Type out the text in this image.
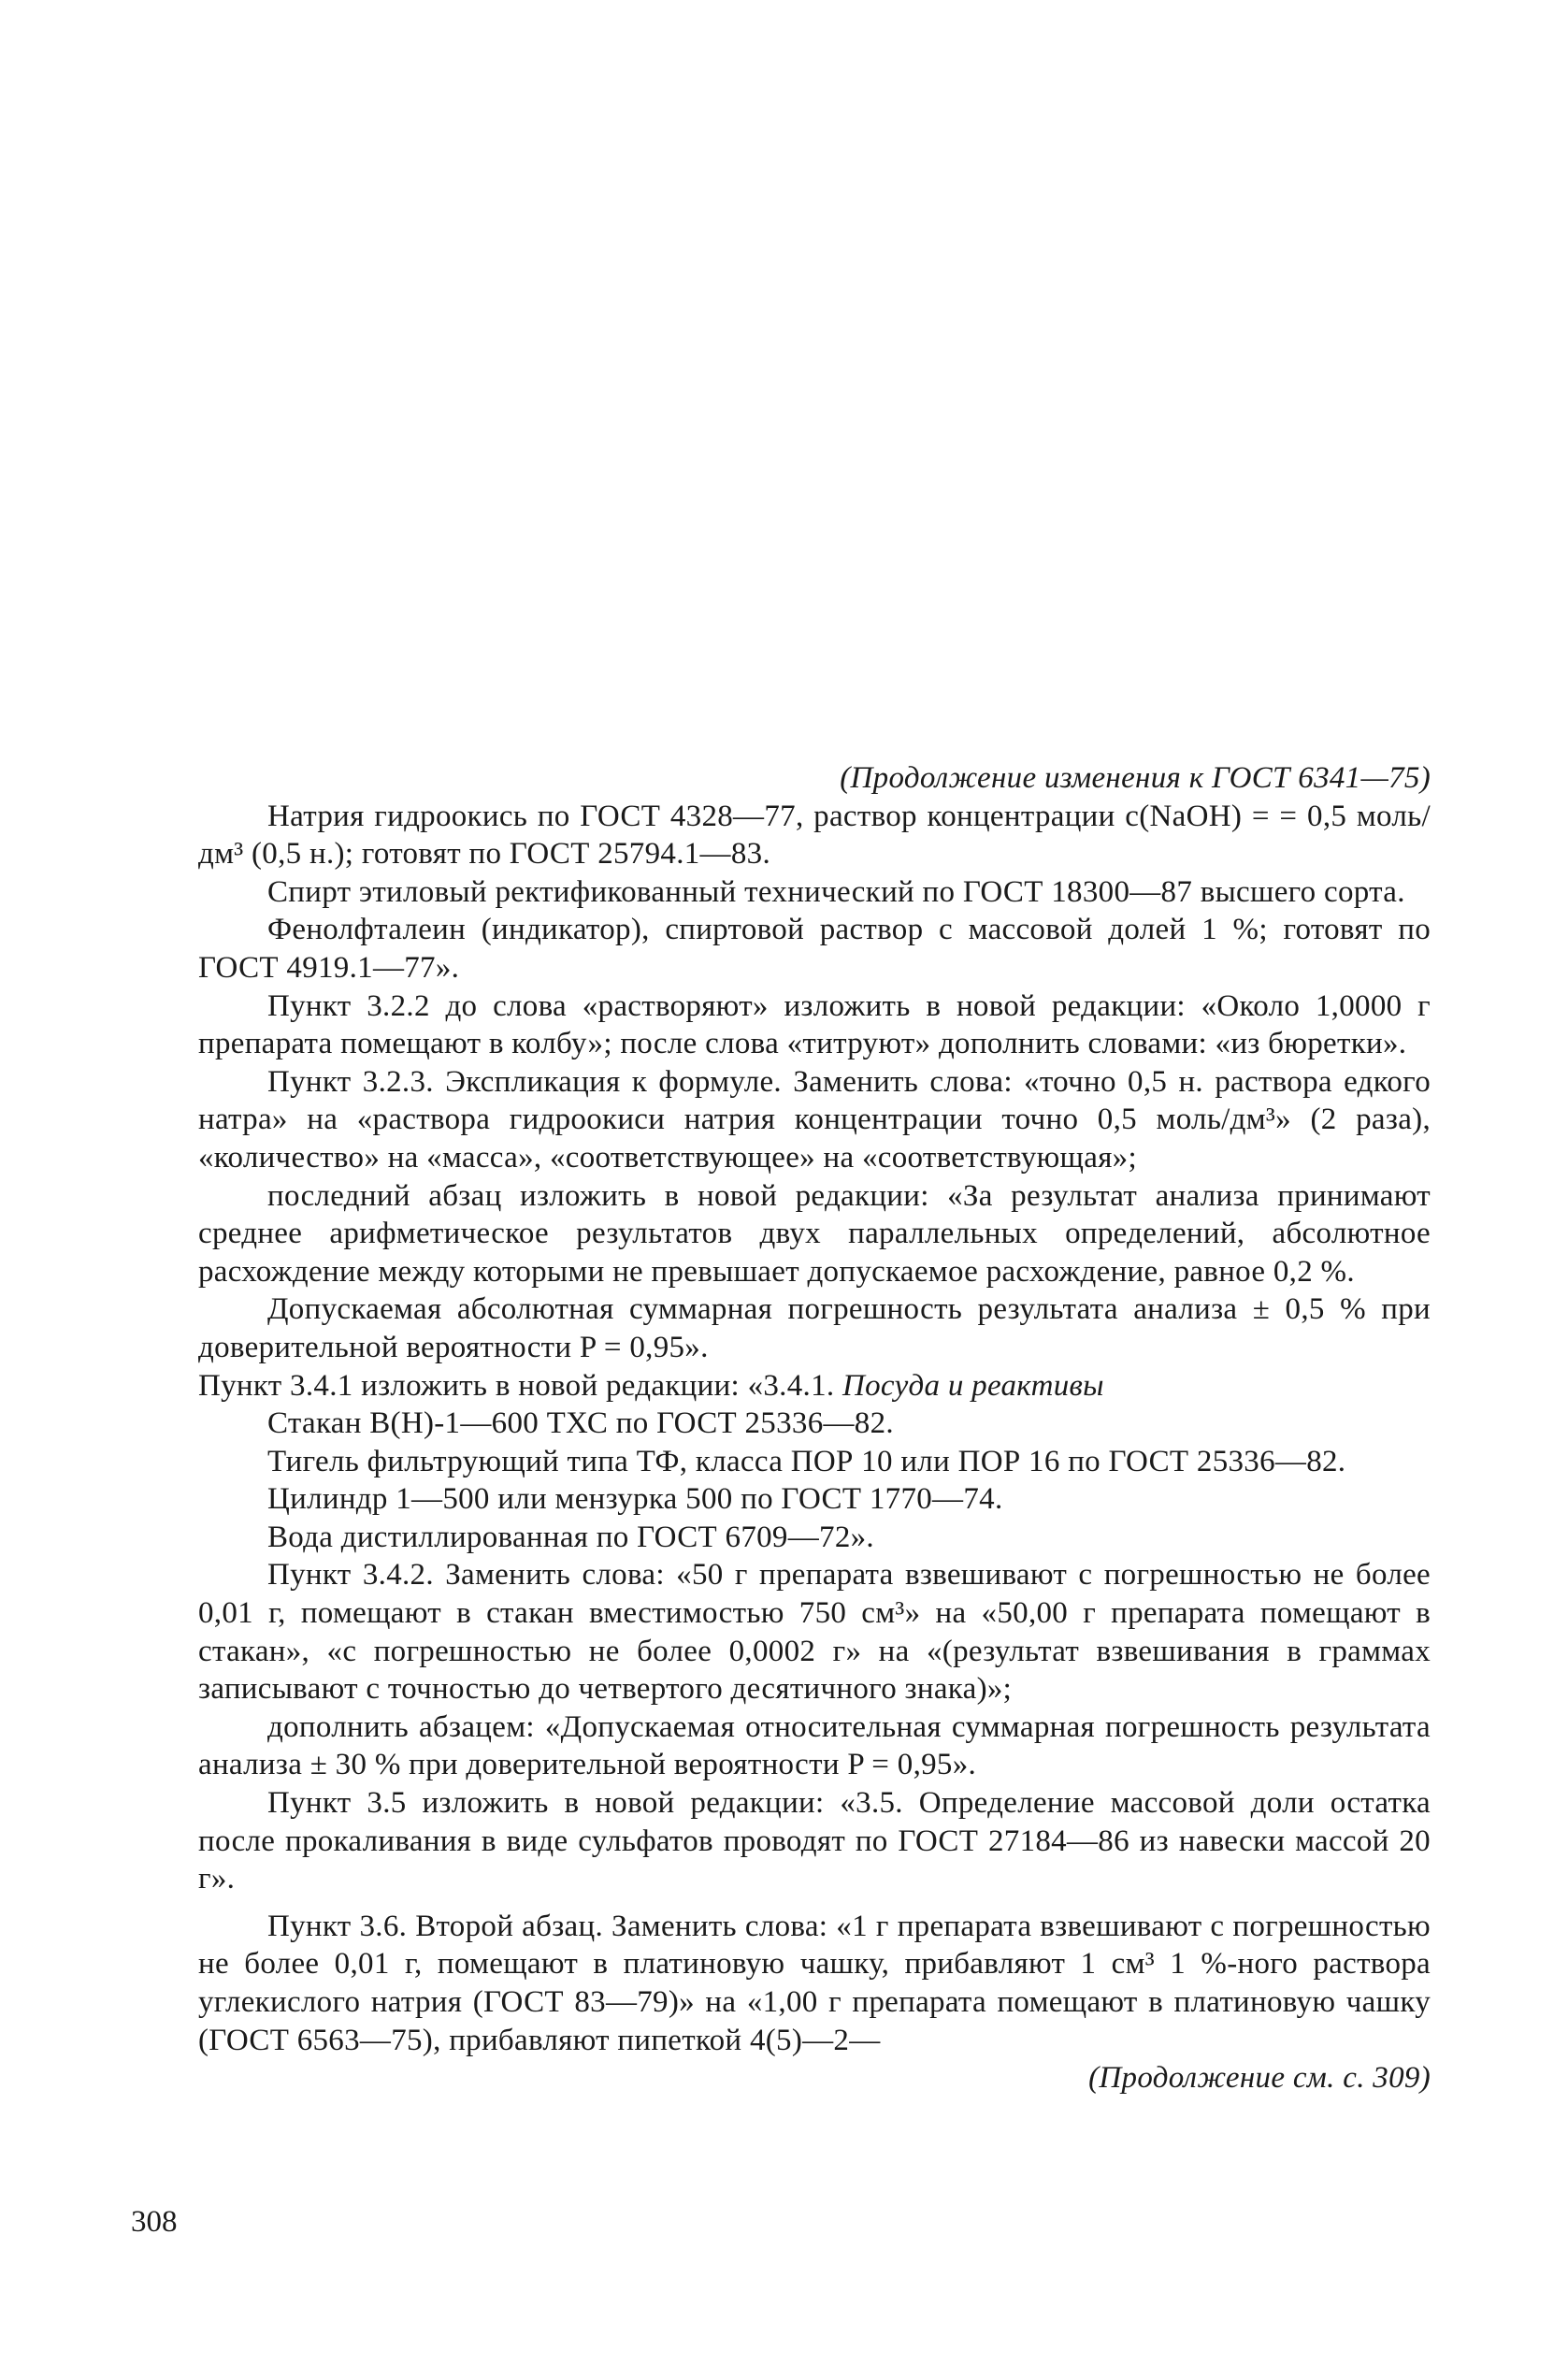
(Продолжение изменения к ГОСТ 6341—75)

Натрия гидроокись по ГОСТ 4328—77, раствор концентрации c(NaOH) = = 0,5 моль/дм³ (0,5 н.); готовят по ГОСТ 25794.1—83.

Спирт этиловый ректификованный технический по ГОСТ 18300—87 высшего сорта.

Фенолфталеин (индикатор), спиртовой раствор с массовой долей 1 %; готовят по ГОСТ 4919.1—77».

Пункт 3.2.2 до слова «растворяют» изложить в новой редакции: «Около 1,0000 г препарата помещают в колбу»; после слова «титруют» дополнить словами: «из бюретки».

Пункт 3.2.3. Экспликация к формуле. Заменить слова: «точно 0,5 н. раствора едкого натра» на «раствора гидроокиси натрия концентрации точно 0,5 моль/дм³» (2 раза), «количество» на «масса», «соответствующее» на «соответствующая»;

последний абзац изложить в новой редакции: «За результат анализа принимают среднее арифметическое результатов двух параллельных определений, абсолютное расхождение между которыми не превышает допускаемое расхождение, равное 0,2 %.

Допускаемая абсолютная суммарная погрешность результата анализа ± 0,5 % при доверительной вероятности P = 0,95».

Пункт 3.4.1 изложить в новой редакции: «3.4.1. Посуда и реактивы

Стакан В(Н)-1—600 ТХС по ГОСТ 25336—82.

Тигель фильтрующий типа ТФ, класса ПОР 10 или ПОР 16 по ГОСТ 25336—82.

Цилиндр 1—500 или мензурка 500 по ГОСТ 1770—74.

Вода дистиллированная по ГОСТ 6709—72».

Пункт 3.4.2. Заменить слова: «50 г препарата взвешивают с погрешностью не более 0,01 г, помещают в стакан вместимостью 750 см³» на «50,00 г препарата помещают в стакан», «с погрешностью не более 0,0002 г» на «(результат взвешивания в граммах записывают с точностью до четвертого десятичного знака)»;

дополнить абзацем: «Допускаемая относительная суммарная погрешность результата анализа ± 30 % при доверительной вероятности P = 0,95».

Пункт 3.5 изложить в новой редакции: «3.5. Определение массовой доли остатка после прокаливания в виде сульфатов проводят по ГОСТ 27184—86 из навески массой 20 г».

Пункт 3.6. Второй абзац. Заменить слова: «1 г препарата взвешивают с погрешностью не более 0,01 г, помещают в платиновую чашку, прибавляют 1 см³ 1 %-ного раствора углекислого натрия (ГОСТ 83—79)» на «1,00 г препарата помещают в платиновую чашку (ГОСТ 6563—75), прибавляют пипеткой 4(5)—2—

(Продолжение см. с. 309)

308
